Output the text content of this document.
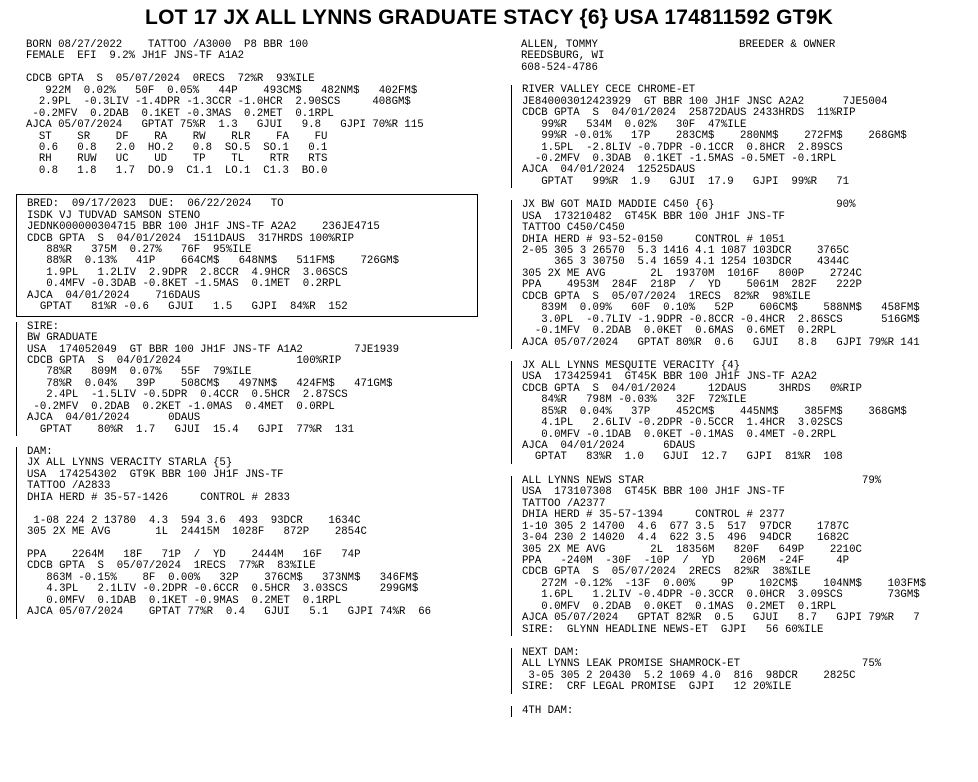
LOT 17 JX ALL LYNNS GRADUATE STACY {6} USA 174811592 GT9K
BORN 08/27/2022    TATTOO /A3000  P8 BBR 100
FEMALE  EFI  9.2% JH1F JNS-TF A1A2
CDCB GPTA  S  05/07/2024  0RECS  72%R  93%ILE
922M  0.02%   50F  0.05%   44P    493CM$   482NM$   402FM$
2.9PL  -0.3LIV -1.4DPR -1.3CCR -1.0HCR  2.90SCS     408GM$
-0.2MFV  0.2DAB  0.1KET -0.3MAS  0.2MET  0.1RPL
AJCA 05/07/2024   GPTAT 75%R  1.3   GJUI   9.8   GJPI 70%R 115
ST    SR    DF    RA    RW    RLR    FA    FU
0.6   0.8   2.0  HO.2   0.8  SO.5  SO.1   0.1
RH    RUW   UC    UD    TP    TL    RTR   RTS
0.8   1.8   1.7  DO.9  C1.1  LO.1  C1.3  BO.0
BRED:  09/17/2023  DUE:  06/22/2024   TO
ISDK VJ TUDVAD SAMSON STENO
JEDNK000000304715 BBR 100 JH1F JNS-TF A2A2    236JE4715
CDCB GPTA  S  04/01/2024  1511DAUS  317HRDS 100%RIP
88%R   375M  0.27%   76F  95%ILE
88%R  0.13%   41P    664CM$   648NM$   511FM$    726GM$
1.9PL   1.2LIV  2.9DPR  2.8CCR  4.9HCR  3.06SCS
0.4MFV -0.3DAB -0.8KET -1.5MAS  0.1MET  0.2RPL
AJCA  04/01/2024    716DAUS
GPTAT   81%R -0.6   GJUI   1.5   GJPI  84%R  152
SIRE:
BW GRADUATE
USA  174052049  GT BBR 100 JH1F JNS-TF A1A2        7JE1939
CDCB GPTA  S  04/01/2024                  100%RIP
78%R   809M  0.07%   55F  79%ILE
78%R  0.04%   39P    508CM$   497NM$   424FM$   471GM$
2.4PL  -1.5LIV -0.5DPR  0.4CCR  0.5HCR  2.87SCS
-0.2MFV  0.2DAB  0.2KET -1.0MAS  0.4MET  0.0RPL
AJCA  04/01/2024      0DAUS
GPTAT    80%R  1.7   GJUI  15.4   GJPI  77%R  131
DAM:
JX ALL LYNNS VERACITY STARLA {5}
USA  174254302  GT9K BBR 100 JH1F JNS-TF
TATTOO /A2833
DHIA HERD # 35-57-1426     CONTROL # 2833
1-08 224 2 13780  4.3  594 3.6  493  93DCR    1634C
305 2X ME AVG       1L  24415M  1028F   872P    2854C
PPA    2264M   18F   71P  /  YD    2444M   16F   74P
CDCB GPTA  S  05/07/2024  1RECS  77%R  83%ILE
863M -0.15%    8F  0.00%   32P    376CM$   373NM$   346FM$
4.3PL   2.1LIV -0.2DPR -0.6CCR  0.5HCR  3.03SCS     299GM$
0.0MFV  0.1DAB  0.1KET -0.9MAS  0.2MET  0.1RPL
AJCA 05/07/2024    GPTAT 77%R  0.4   GJUI   5.1   GJPI 74%R  66
ALLEN, TOMMY                      BREEDER & OWNER
REEDSBURG, WI
608-524-4786
RIVER VALLEY CECE CHROME-ET
JE840003012423929  GT BBR 100 JH1F JNSC A2A2      7JE5004
CDCB GPTA  S  04/01/2024  25872DAUS 2433HRDS  11%RIP
99%R   534M  0.02%   30F  47%ILE
99%R -0.01%   17P    283CM$    280NM$    272FM$    268GM$
1.5PL  -2.8LIV -0.7DPR -0.1CCR  0.8HCR  2.89SCS
-0.2MFV  0.3DAB  0.1KET -1.5MAS -0.5MET -0.1RPL
AJCA  04/01/2024  12525DAUS
GPTAT   99%R  1.9   GJUI  17.9   GJPI  99%R   71
JX BW GOT MAID MADDIE C450 {6}                   90%
USA  173210482  GT45K BBR 100 JH1F JNS-TF
TATTOO C450/C450
DHIA HERD # 93-52-0150     CONTROL # 1051
2-05 305 3 26570  5.3 1416 4.1 1087 103DCR    3765C
365 3 30750  5.4 1659 4.1 1254 103DCR    4344C
305 2X ME AVG       2L  19370M  1016F   800P    2724C
PPA    4953M  284F  218P  /  YD    5061M  282F   222P
CDCB GPTA  S  05/07/2024  1RECS  82%R  98%ILE
839M  0.09%   60F  0.10%   52P    606CM$    588NM$   458FM$
3.0PL  -0.7LIV -1.9DPR -0.8CCR -0.4HCR  2.86SCS      516GM$
-0.1MFV  0.2DAB  0.0KET  0.6MAS  0.6MET  0.2RPL
AJCA 05/07/2024   GPTAT 80%R  0.6   GJUI   8.8   GJPI 79%R 141
JX ALL LYNNS MESQUITE VERACITY {4}
USA  173425941  GT45K BBR 100 JH1F JNS-TF A2A2
CDCB GPTA  S  04/01/2024     12DAUS     3HRDS   0%RIP
84%R   798M -0.03%   32F  72%ILE
85%R  0.04%   37P    452CM$    445NM$    385FM$    368GM$
4.1PL   2.6LIV -0.2DPR -0.5CCR  1.4HCR  3.02SCS
0.0MFV -0.1DAB  0.0KET -0.1MAS  0.4MET -0.2RPL
AJCA  04/01/2024      6DAUS
GPTAT   83%R  1.0   GJUI  12.7   GJPI  81%R  108
ALL LYNNS NEWS STAR                                  79%
USA  173107308  GT45K BBR 100 JH1F JNS-TF
TATTOO /A2377
DHIA HERD # 35-57-1394     CONTROL # 2377
1-10 305 2 14700  4.6  677 3.5  517  97DCR    1787C
3-04 230 2 14020  4.4  622 3.5  496  94DCR    1682C
305 2X ME AVG       2L  18356M   820F   649P    2210C
PPA   -240M  -30F  -10P  /  YD    206M  -24F     4P
CDCB GPTA  S  05/07/2024  2RECS  82%R  38%ILE
272M -0.12%  -13F  0.00%    9P    102CM$    104NM$    103FM$
1.6PL   1.2LIV -0.4DPR -0.3CCR  0.0HCR  3.09SCS       73GM$
0.0MFV  0.2DAB  0.0KET  0.1MAS  0.2MET  0.1RPL
AJCA 05/07/2024   GPTAT 82%R  0.5   GJUI   8.7   GJPI 79%R   7
SIRE:  GLYNN HEADLINE NEWS-ET  GJPI   56 60%ILE
NEXT DAM:
ALL LYNNS LEAK PROMISE SHAMROCK-ET                   75%
3-05 305 2 20430  5.2 1069 4.0  816  98DCR    2825C
SIRE:  CRF LEGAL PROMISE  GJPI   12 20%ILE
4TH DAM:
